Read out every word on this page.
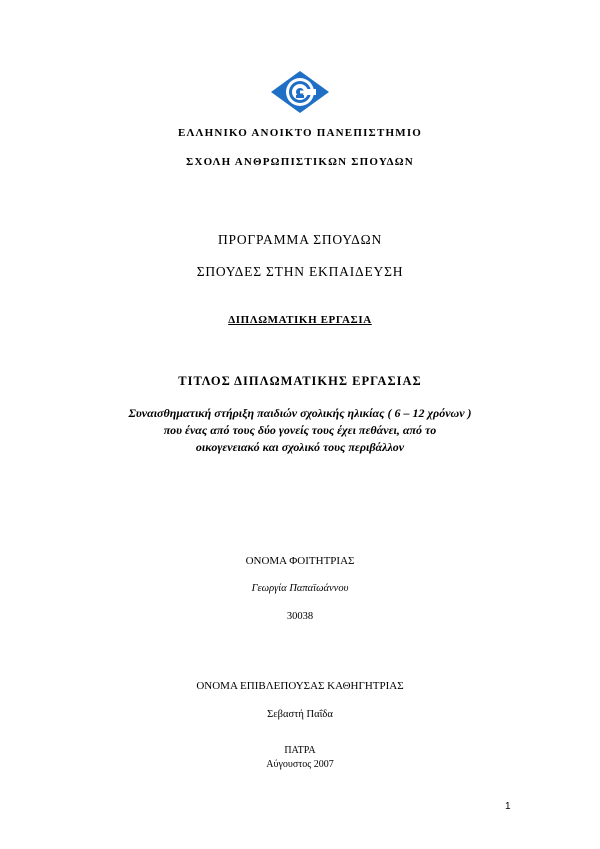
ΕΛΛΗΝΙΚΟ ΑΝΟΙΚΤΟ ΠΑΝΕΠΙΣΤΗΜΙΟ
ΣΧΟΛΗ ΑΝΘΡΩΠΙΣΤΙΚΩΝ ΣΠΟΥΔΩΝ
ΠΡΟΓΡΑΜΜΑ ΣΠΟΥΔΩΝ
ΣΠΟΥΔΕΣ ΣΤΗΝ ΕΚΠΑΙΔΕΥΣΗ
ΔΙΠΛΩΜΑΤΙΚΗ ΕΡΓΑΣΙΑ
ΤΙΤΛΟΣ ΔΙΠΛΩΜΑΤΙΚΗΣ ΕΡΓΑΣΙΑΣ
Συναισθηματική στήριξη παιδιών σχολικής ηλικίας ( 6 – 12 χρόνων )
που ένας από τους δύο γονείς τους έχει πεθάνει, από το
οικογενειακό και σχολικό τους περιβάλλον
ΟΝΟΜΑ ΦΟΙΤΗΤΡΙΑΣ
Γεωργία Παπαϊωάννου
30038
ΟΝΟΜΑ ΕΠΙΒΛΕΠΟΥΣΑΣ ΚΑΘΗΓΗΤΡΙΑΣ
Σεβαστή Παΐδα
ΠΑΤΡΑ
Αύγουστος 2007
1
